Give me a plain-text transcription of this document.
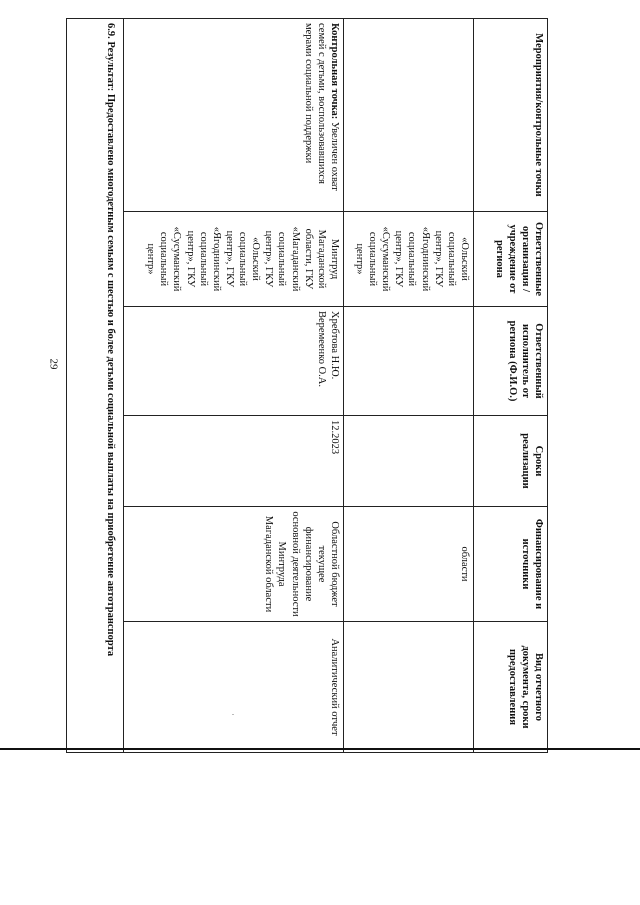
29
Мероприятия/контрольные точки	Ответственные организация / учреждение от региона	Ответственный исполнитель от региона (Ф.И.О.)	Сроки реализации	Финансирование и источники	Вид отчетного документа, сроки предоставления
	«Ольский социальный центр», ГКУ «Ягоднинский социальный центр», ГКУ «Сусуманский социальный центр»			области	
Контрольная точка: Увеличен охват семей с детьми, воспользовавшихся мерами социальной поддержки	Минтруд Магаданской области, ГКУ «Магаданский социальный центр», ГКУ «Ольский социальный центр», ГКУ «Ягоднинский социальный центр», ГКУ «Сусуманский социальный центр»	Хребтова Н.Ю. Веремеенко О.А.	12.2023	Областной бюджет текущее финансирование основной деятельности Минтруда Магаданской области	Аналитический отчет
6.9. Результат: Предоставлено многодетным семьям с шестью и более детьми социальной выплаты на приобретение автотранспорта					
